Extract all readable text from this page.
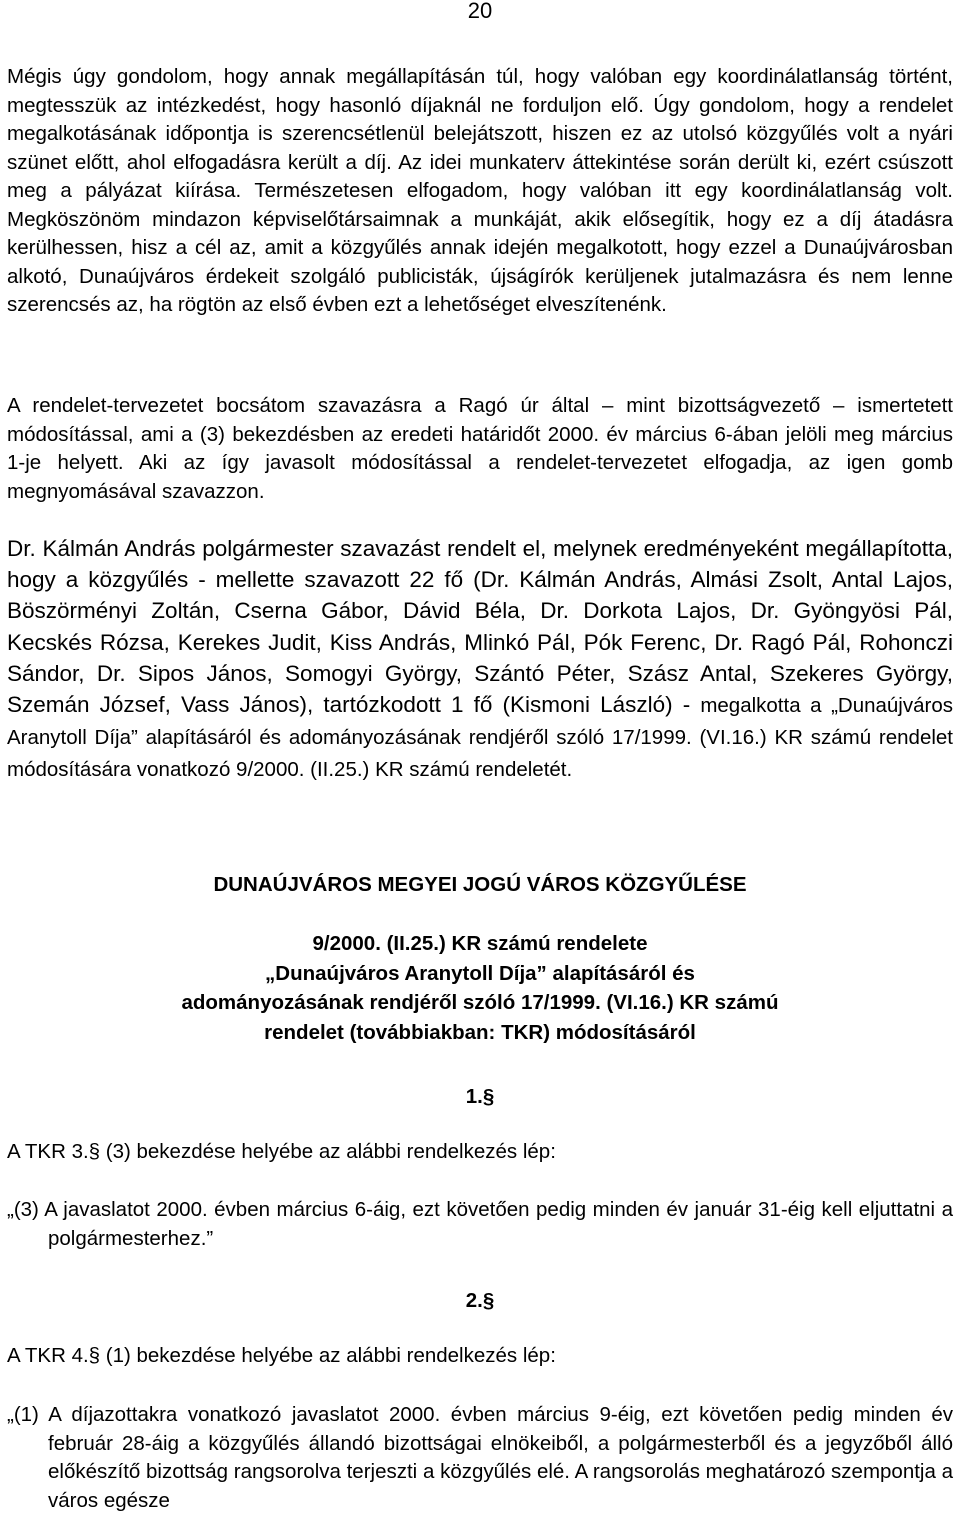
20

Mégis úgy gondolom, hogy annak megállapításán túl, hogy valóban egy koordinálatlanság történt, megtesszük az intézkedést, hogy hasonló díjaknál ne forduljon elő. Úgy gondolom, hogy a rendelet megalkotásának időpontja is szerencsétlenül belejátszott, hiszen ez az utolsó közgyűlés volt a nyári szünet előtt, ahol elfogadásra került a díj. Az idei munkaterv áttekintése során derült ki, ezért csúszott meg a pályázat kiírása. Természetesen elfogadom, hogy valóban itt egy koordinálatlanság volt. Megköszönöm mindazon képviselőtársaimnak a munkáját, akik elősegítik, hogy ez a díj átadásra kerülhessen, hisz a cél az, amit a közgyűlés annak idején megalkotott, hogy ezzel a Dunaújvárosban alkotó, Dunaújváros érdekeit szolgáló publicisták, újságírók kerüljenek jutalmazásra és nem lenne szerencsés az, ha rögtön az első évben ezt a lehetőséget elveszítenénk.

A rendelet-tervezetet bocsátom szavazásra a Ragó úr által – mint bizottságvezető – ismertetett módosítással, ami a (3) bekezdésben az eredeti határidőt 2000. év március 6-ában jelöli meg március 1-je helyett. Aki az így javasolt módosítással a rendelet-tervezetet elfogadja, az igen gomb megnyomásával szavazzon.

Dr. Kálmán András polgármester szavazást rendelt el, melynek eredményeként megállapította, hogy a közgyűlés - mellette szavazott 22 fő (Dr. Kálmán András, Almási Zsolt, Antal Lajos, Böszörményi Zoltán, Cserna Gábor, Dávid Béla, Dr. Dorkota Lajos, Dr. Gyöngyösi Pál, Kecskés Rózsa, Kerekes Judit, Kiss András, Mlinkó Pál, Pók Ferenc, Dr. Ragó Pál, Rohonczi Sándor, Dr. Sipos János, Somogyi György, Szántó Péter, Szász Antal, Szekeres György, Szemán József, Vass János), tartózkodott 1 fő (Kismoni László) - megalkotta a „Dunaújváros Aranytoll Díja” alapításáról és adományozásának rendjéről szóló 17/1999. (VI.16.) KR számú rendelet módosítására vonatkozó 9/2000. (II.25.) KR számú rendeletét.

DUNAÚJVÁROS MEGYEI JOGÚ VÁROS KÖZGYŰLÉSE

9/2000. (II.25.) KR számú rendelete

„Dunaújváros Aranytoll Díja” alapításáról és

adományozásának rendjéről szóló 17/1999. (VI.16.) KR számú

rendelet (továbbiakban: TKR) módosításáról

1.§

A TKR 3.§ (3) bekezdése helyébe az alábbi rendelkezés lép:

„(3) A javaslatot 2000. évben március 6-áig, ezt követően pedig minden év január 31-éig kell eljuttatni a polgármesterhez.”

2.§

A TKR 4.§ (1) bekezdése helyébe az alábbi rendelkezés lép:

„(1) A díjazottakra vonatkozó javaslatot 2000. évben március 9-éig, ezt követően pedig minden év február 28-áig a közgyűlés állandó bizottságai elnökeiből, a polgármesterből és a jegyzőből álló előkészítő bizottság rangsorolva terjeszti a közgyűlés elé. A rangsorolás meghatározó szempontja a város egésze
